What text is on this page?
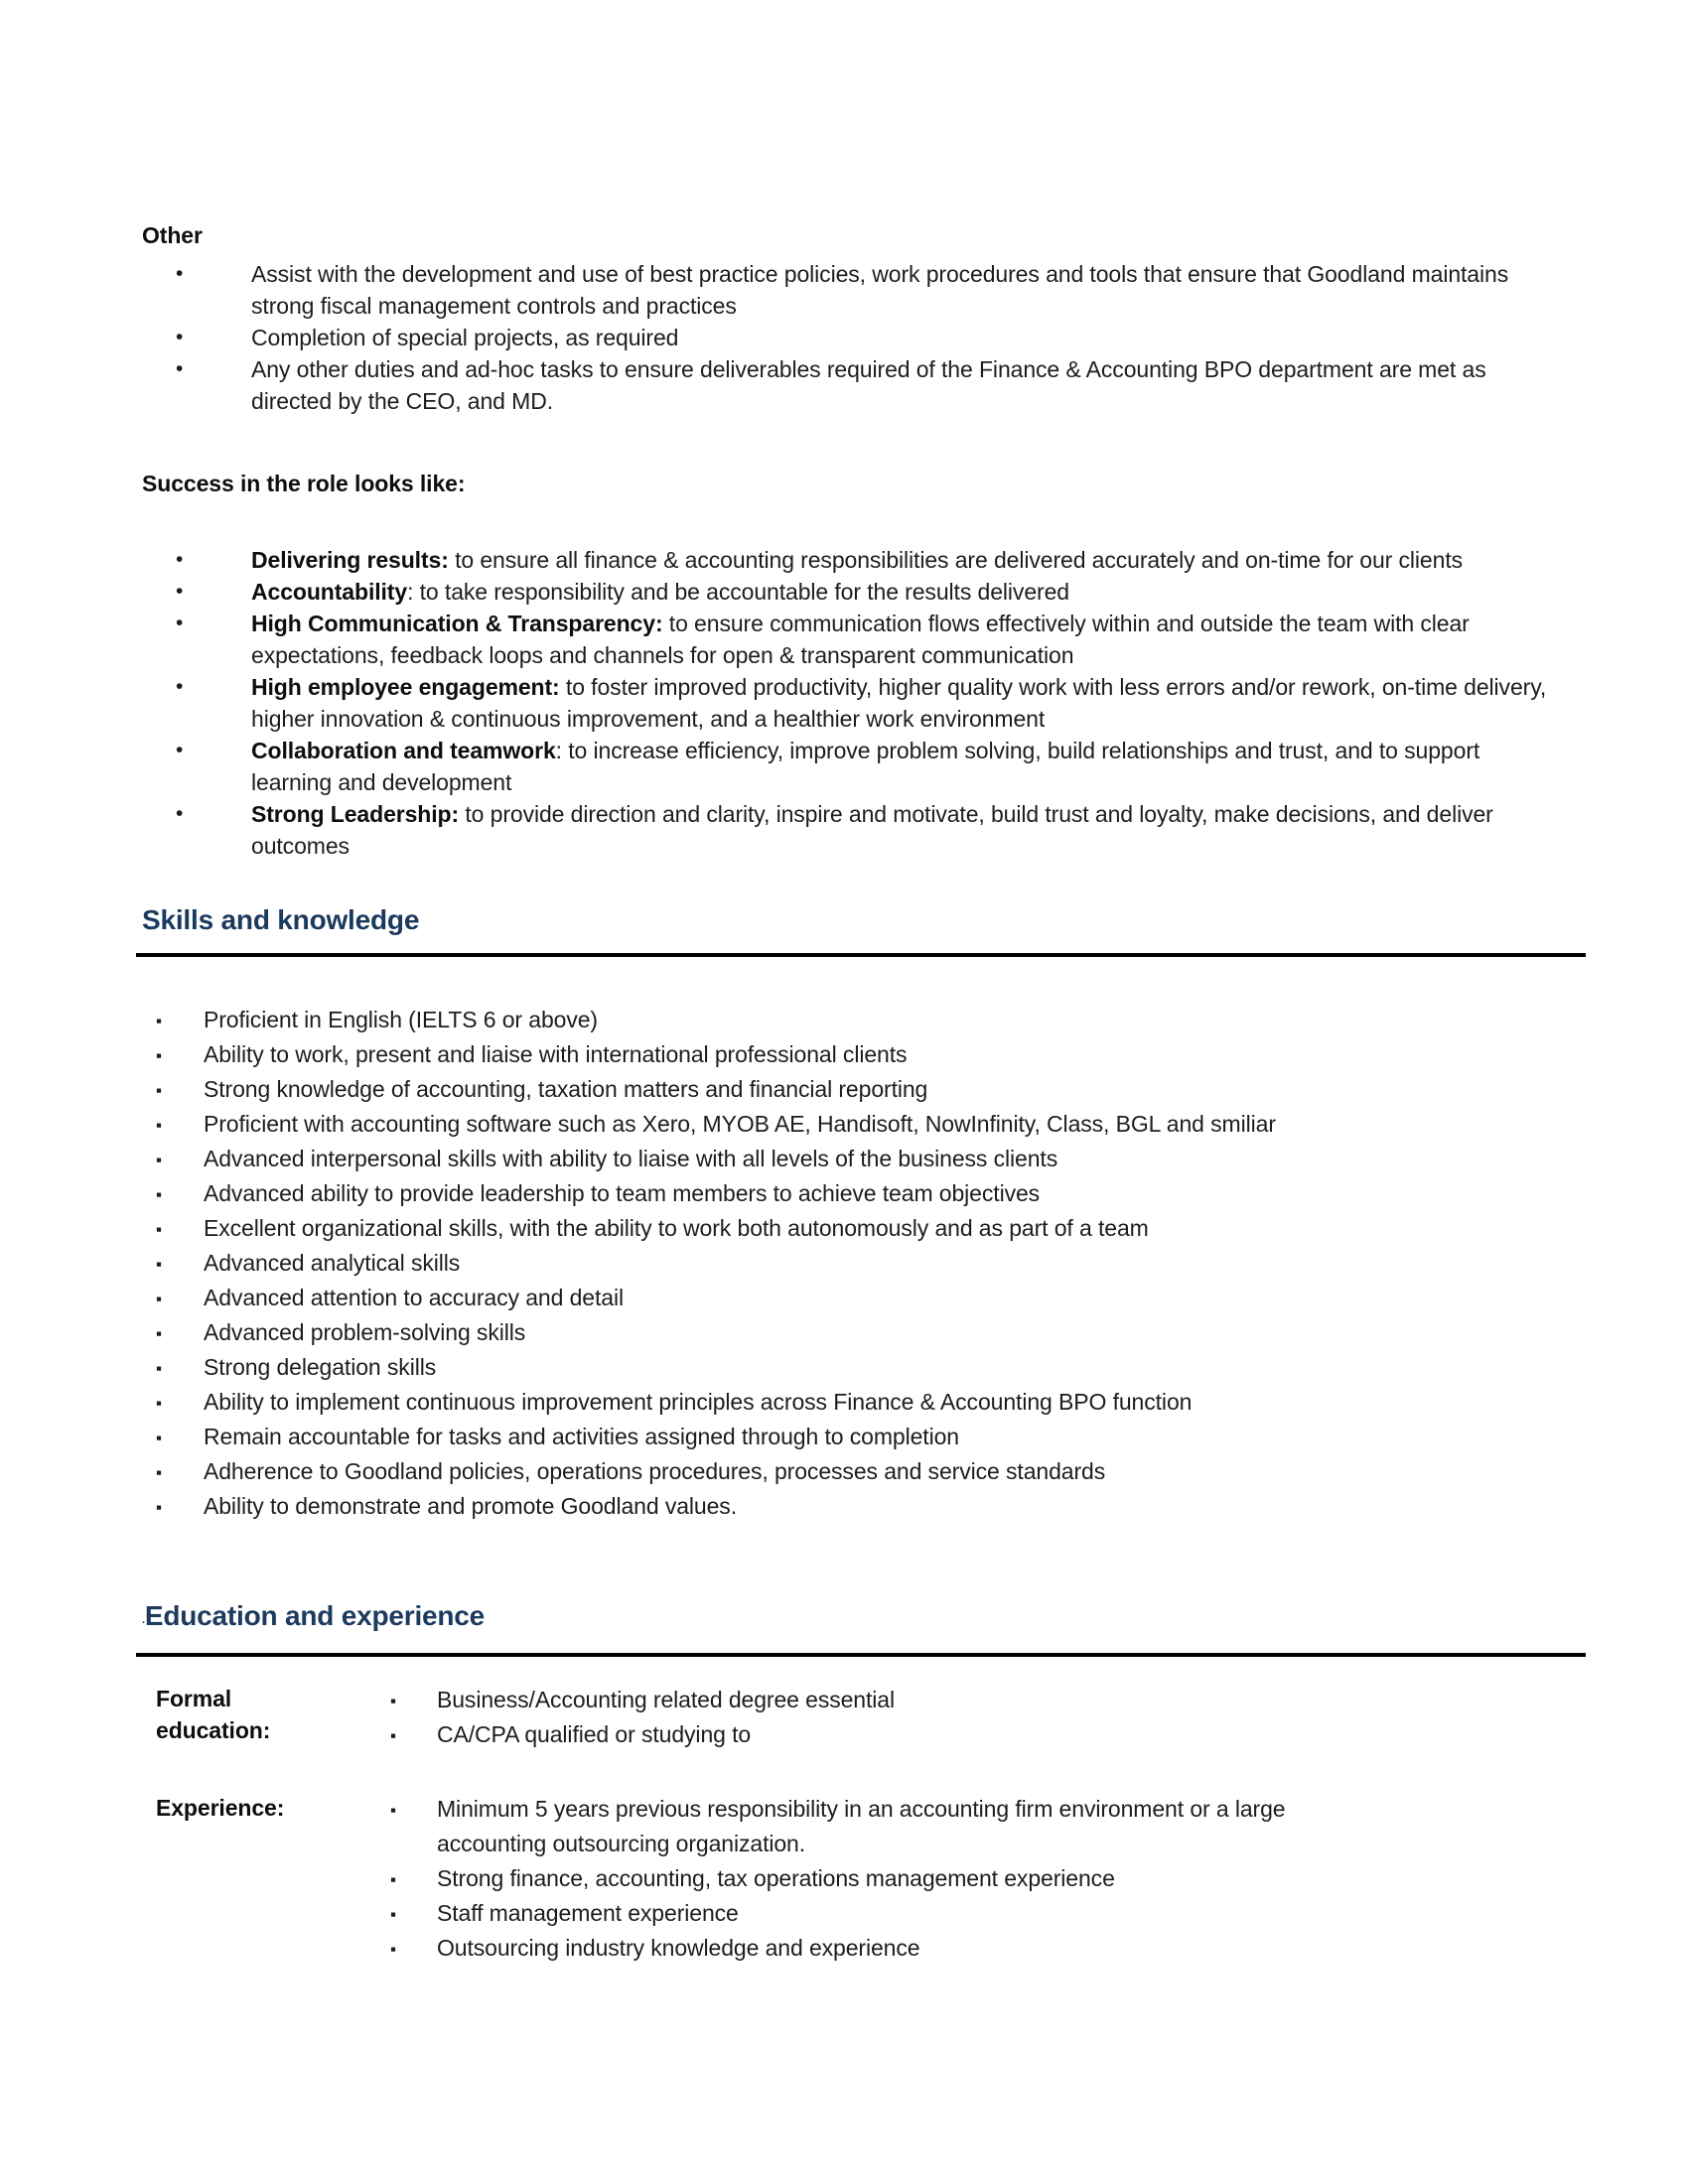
Other
•
Assist with the development and use of best practice policies, work procedures and tools that ensure that Goodland maintains strong fiscal management controls and practices
•
Completion of special projects, as required
•
Any other duties and ad-hoc tasks to ensure deliverables required of the Finance & Accounting BPO department are met as directed by the CEO, and MD.
Success in the role looks like:
•
Delivering results: to ensure all finance & accounting responsibilities are delivered accurately and on-time for our clients
•
Accountability: to take responsibility and be accountable for the results delivered
•
High Communication & Transparency: to ensure communication flows effectively within and outside the team with clear expectations, feedback loops and channels for open & transparent communication
•
High employee engagement: to foster improved productivity, higher quality work with less errors and/or rework, on-time delivery, higher innovation & continuous improvement, and a healthier work environment
•
Collaboration and teamwork: to increase efficiency, improve problem solving, build relationships and trust, and to support learning and development
•
Strong Leadership: to provide direction and clarity, inspire and motivate, build trust and loyalty, make decisions, and deliver outcomes
Skills and knowledge
▪
Proficient in English (IELTS 6 or above)
▪
Ability to work, present and liaise with international professional clients
▪
Strong knowledge of accounting, taxation matters and financial reporting
▪
Proficient with accounting software such as Xero, MYOB AE, Handisoft, NowInfinity, Class, BGL and smiliar
▪
Advanced interpersonal skills with ability to liaise with all levels of the business clients
▪
Advanced ability to provide leadership to team members to achieve team objectives
▪
Excellent organizational skills, with the ability to work both autonomously and as part of a team
▪
Advanced analytical skills
▪
Advanced attention to accuracy and detail
▪
Advanced problem-solving skills
▪
Strong delegation skills
▪
Ability to implement continuous improvement principles across Finance & Accounting BPO function
▪
Remain accountable for tasks and activities assigned through to completion
▪
Adherence to Goodland policies, operations procedures, processes and service standards
▪
Ability to demonstrate and promote Goodland values.
.Education and experience
Formal education:
▪
Business/Accounting related degree essential
▪
CA/CPA qualified or studying to
Experience: ▪	Minimum 5 years previous responsibility in an accounting firm environment or a large accounting outsourcing organization.
▪
Strong finance, accounting, tax operations management experience
▪
Staff management experience
▪
Outsourcing industry knowledge and experience
